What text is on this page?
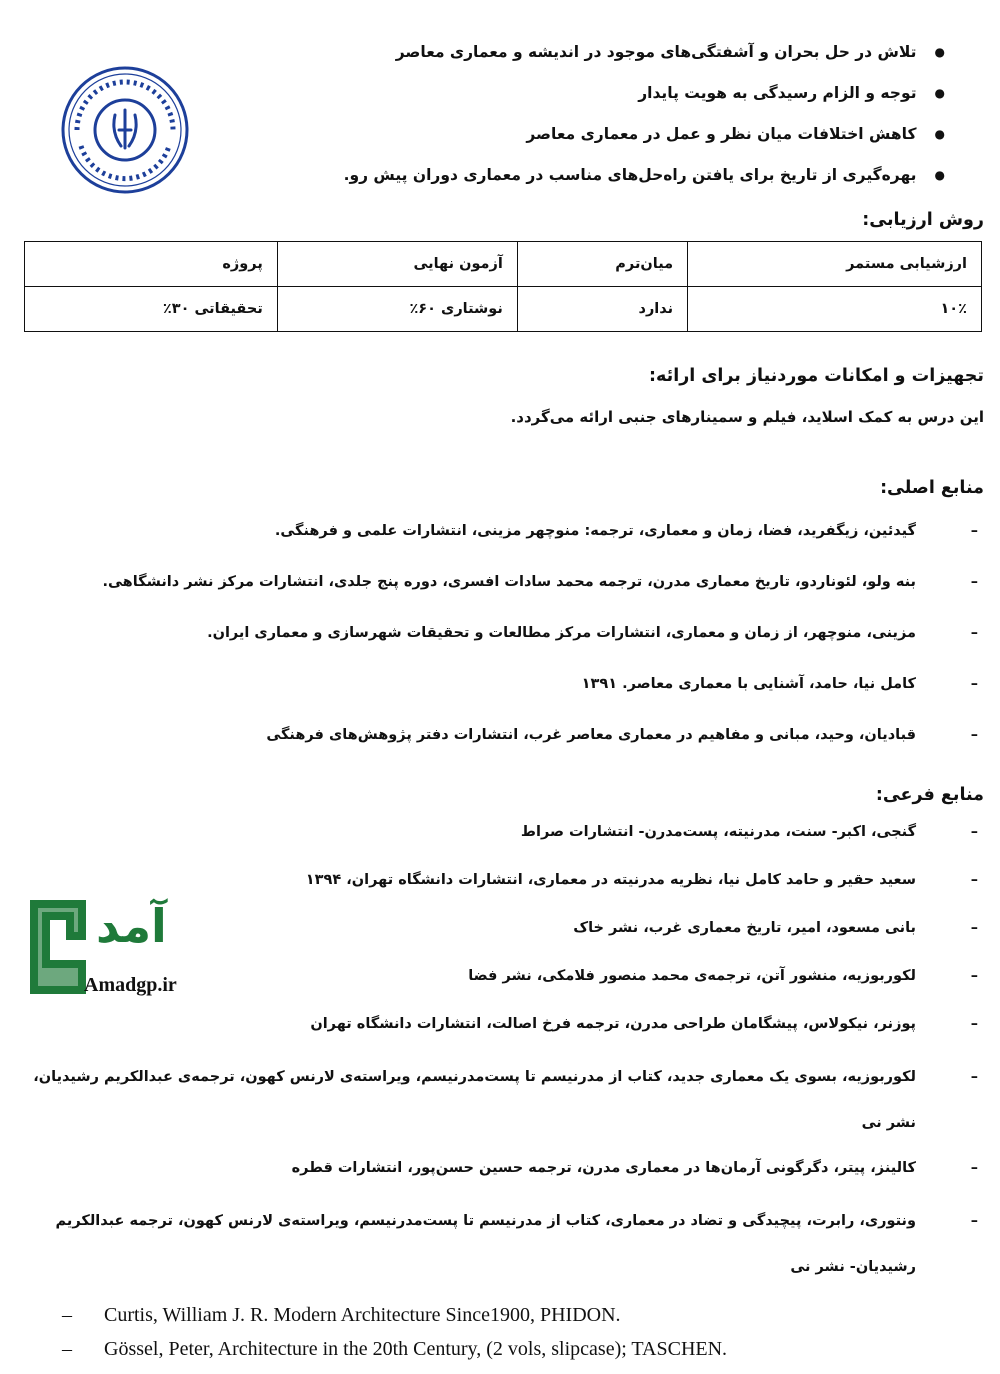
● تلاش در حل بحران و آشفتگی‌های موجود در اندیشه و معماری معاصر
● توجه و الزام رسیدگی به هویت پایدار
● کاهش اختلافات میان نظر و عمل در معماری معاصر
● بهره‌گیری از تاریخ برای یافتن راه‌حل‌های مناسب در معماری دوران پیش رو.
روش ارزیابی:
ارزشیابی مستمر	میان‌ترم	آزمون نهایی	پروژه
۱۰٪	ندارد	نوشتاری ۶۰٪	تحقیقاتی ۳۰٪
تجهیزات و امکانات موردنیاز برای ارائه:
این درس به کمک اسلاید، فیلم و سمینارهای جنبی ارائه می‌گردد.
منابع اصلی:
– گیدئین، زیگفرید، فضا، زمان و معماری، ترجمه: منوچهر مزینی، انتشارات علمی و فرهنگی.
– بنه ولو، لئوناردو، تاریخ معماری مدرن، ترجمه محمد سادات افسری، دوره پنج جلدی، انتشارات مرکز نشر دانشگاهی.
– مزینی، منوچهر، از زمان و معماری، انتشارات مرکز مطالعات و تحقیقات شهرسازی و معماری ایران.
– کامل نیا، حامد، آشنایی با معماری معاصر. ۱۳۹۱
– قبادیان، وحید، مبانی و مفاهیم در معماری معاصر غرب، انتشارات دفتر پژوهش‌های فرهنگی
منابع فرعی:
– گنجی، اکبر- سنت، مدرنیته، پست‌مدرن- انتشارات صراط
– سعید حقیر و حامد کامل نیا، نظریه مدرنیته در معماری، انتشارات دانشگاه تهران، ۱۳۹۴
– بانی مسعود، امیر، تاریخ معماری غرب، نشر خاک
– لکوربوزیه، منشور آتن، ترجمه‌ی محمد منصور فلامکی، نشر فضا
– پوزنر، نیکولاس، پیشگامان طراحی مدرن، ترجمه فرخ اصالت، انتشارات دانشگاه تهران
– لکوربوزیه، بسوی یک معماری جدید، کتاب از مدرنیسم تا پست‌مدرنیسم، ویراسته‌ی لارنس کهون، ترجمه‌ی عبدالکریم رشیدیان، نشر نی
– کالینز، پیتر، دگرگونی آرمان‌ها در معماری مدرن، ترجمه حسین حسن‌پور، انتشارات قطره
– ونتوری، رابرت، پیچیدگی و تضاد در معماری، کتاب از مدرنیسم تا پست‌مدرنیسم، ویراسته‌ی لارنس کهون، ترجمه عبدالکریم رشیدیان- نشر نی
– Curtis, William J. R. Modern Architecture Since1900, PHIDON.
– Gössel, Peter, Architecture in the 20th Century, (2 vols, slipcase); TASCHEN.
آمد
Amadgp.ir
